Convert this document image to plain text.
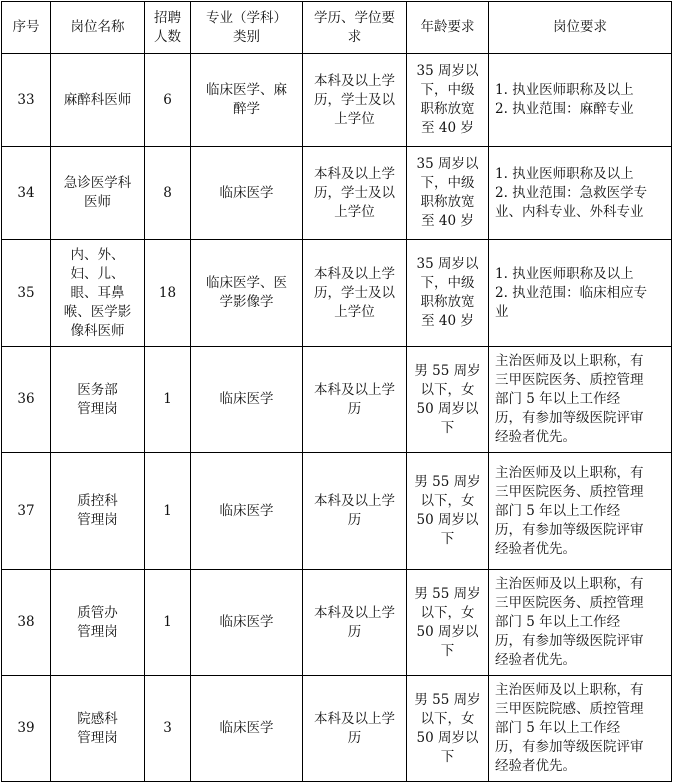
序号	岗位名称	招聘
人数	专业（学科）
类别	学历、学位要
求	年龄要求	岗位要求
33	麻醉科医师	6	临床医学、麻
醉学	本科及以上学
历，学士及以
上学位	35 周岁以
下，中级
职称放宽
至 40 岁	1. 执业医师职称及以上
2. 执业范围：麻醉专业
34	急诊医学科
医师	8	临床医学	本科及以上学
历，学士及以
上学位	35 周岁以
下，中级
职称放宽
至 40 岁	1. 执业医师职称及以上
2. 执业范围：急救医学专
业、内科专业、外科专业
35	内、外、
妇、儿、
眼、耳鼻
喉、医学影
像科医师	18	临床医学、医
学影像学	本科及以上学
历，学士及以
上学位	35 周岁以
下，中级
职称放宽
至 40 岁	1. 执业医师职称及以上
2. 执业范围：临床相应专
业
36	医务部
管理岗	1	临床医学	本科及以上学
历	男 55 周岁
以下，女
50 周岁以
下	主治医师及以上职称，有
三甲医院医务、质控管理
部门 5 年以上工作经
历，有参加等级医院评审
经验者优先。
37	质控科
管理岗	1	临床医学	本科及以上学
历	男 55 周岁
以下，女
50 周岁以
下	主治医师及以上职称，有
三甲医院医务、质控管理
部门 5 年以上工作经
历，有参加等级医院评审
经验者优先。
38	质管办
管理岗	1	临床医学	本科及以上学
历	男 55 周岁
以下，女
50 周岁以
下	主治医师及以上职称，有
三甲医院医务、质控管理
部门 5 年以上工作经
历，有参加等级医院评审
经验者优先。
39	院感科
管理岗	3	临床医学	本科及以上学
历	男 55 周岁
以下，女
50 周岁以
下	主治医师及以上职称，有
三甲医院院感、质控管理
部门 5 年以上工作经
历，有参加等级医院评审
经验者优先。
